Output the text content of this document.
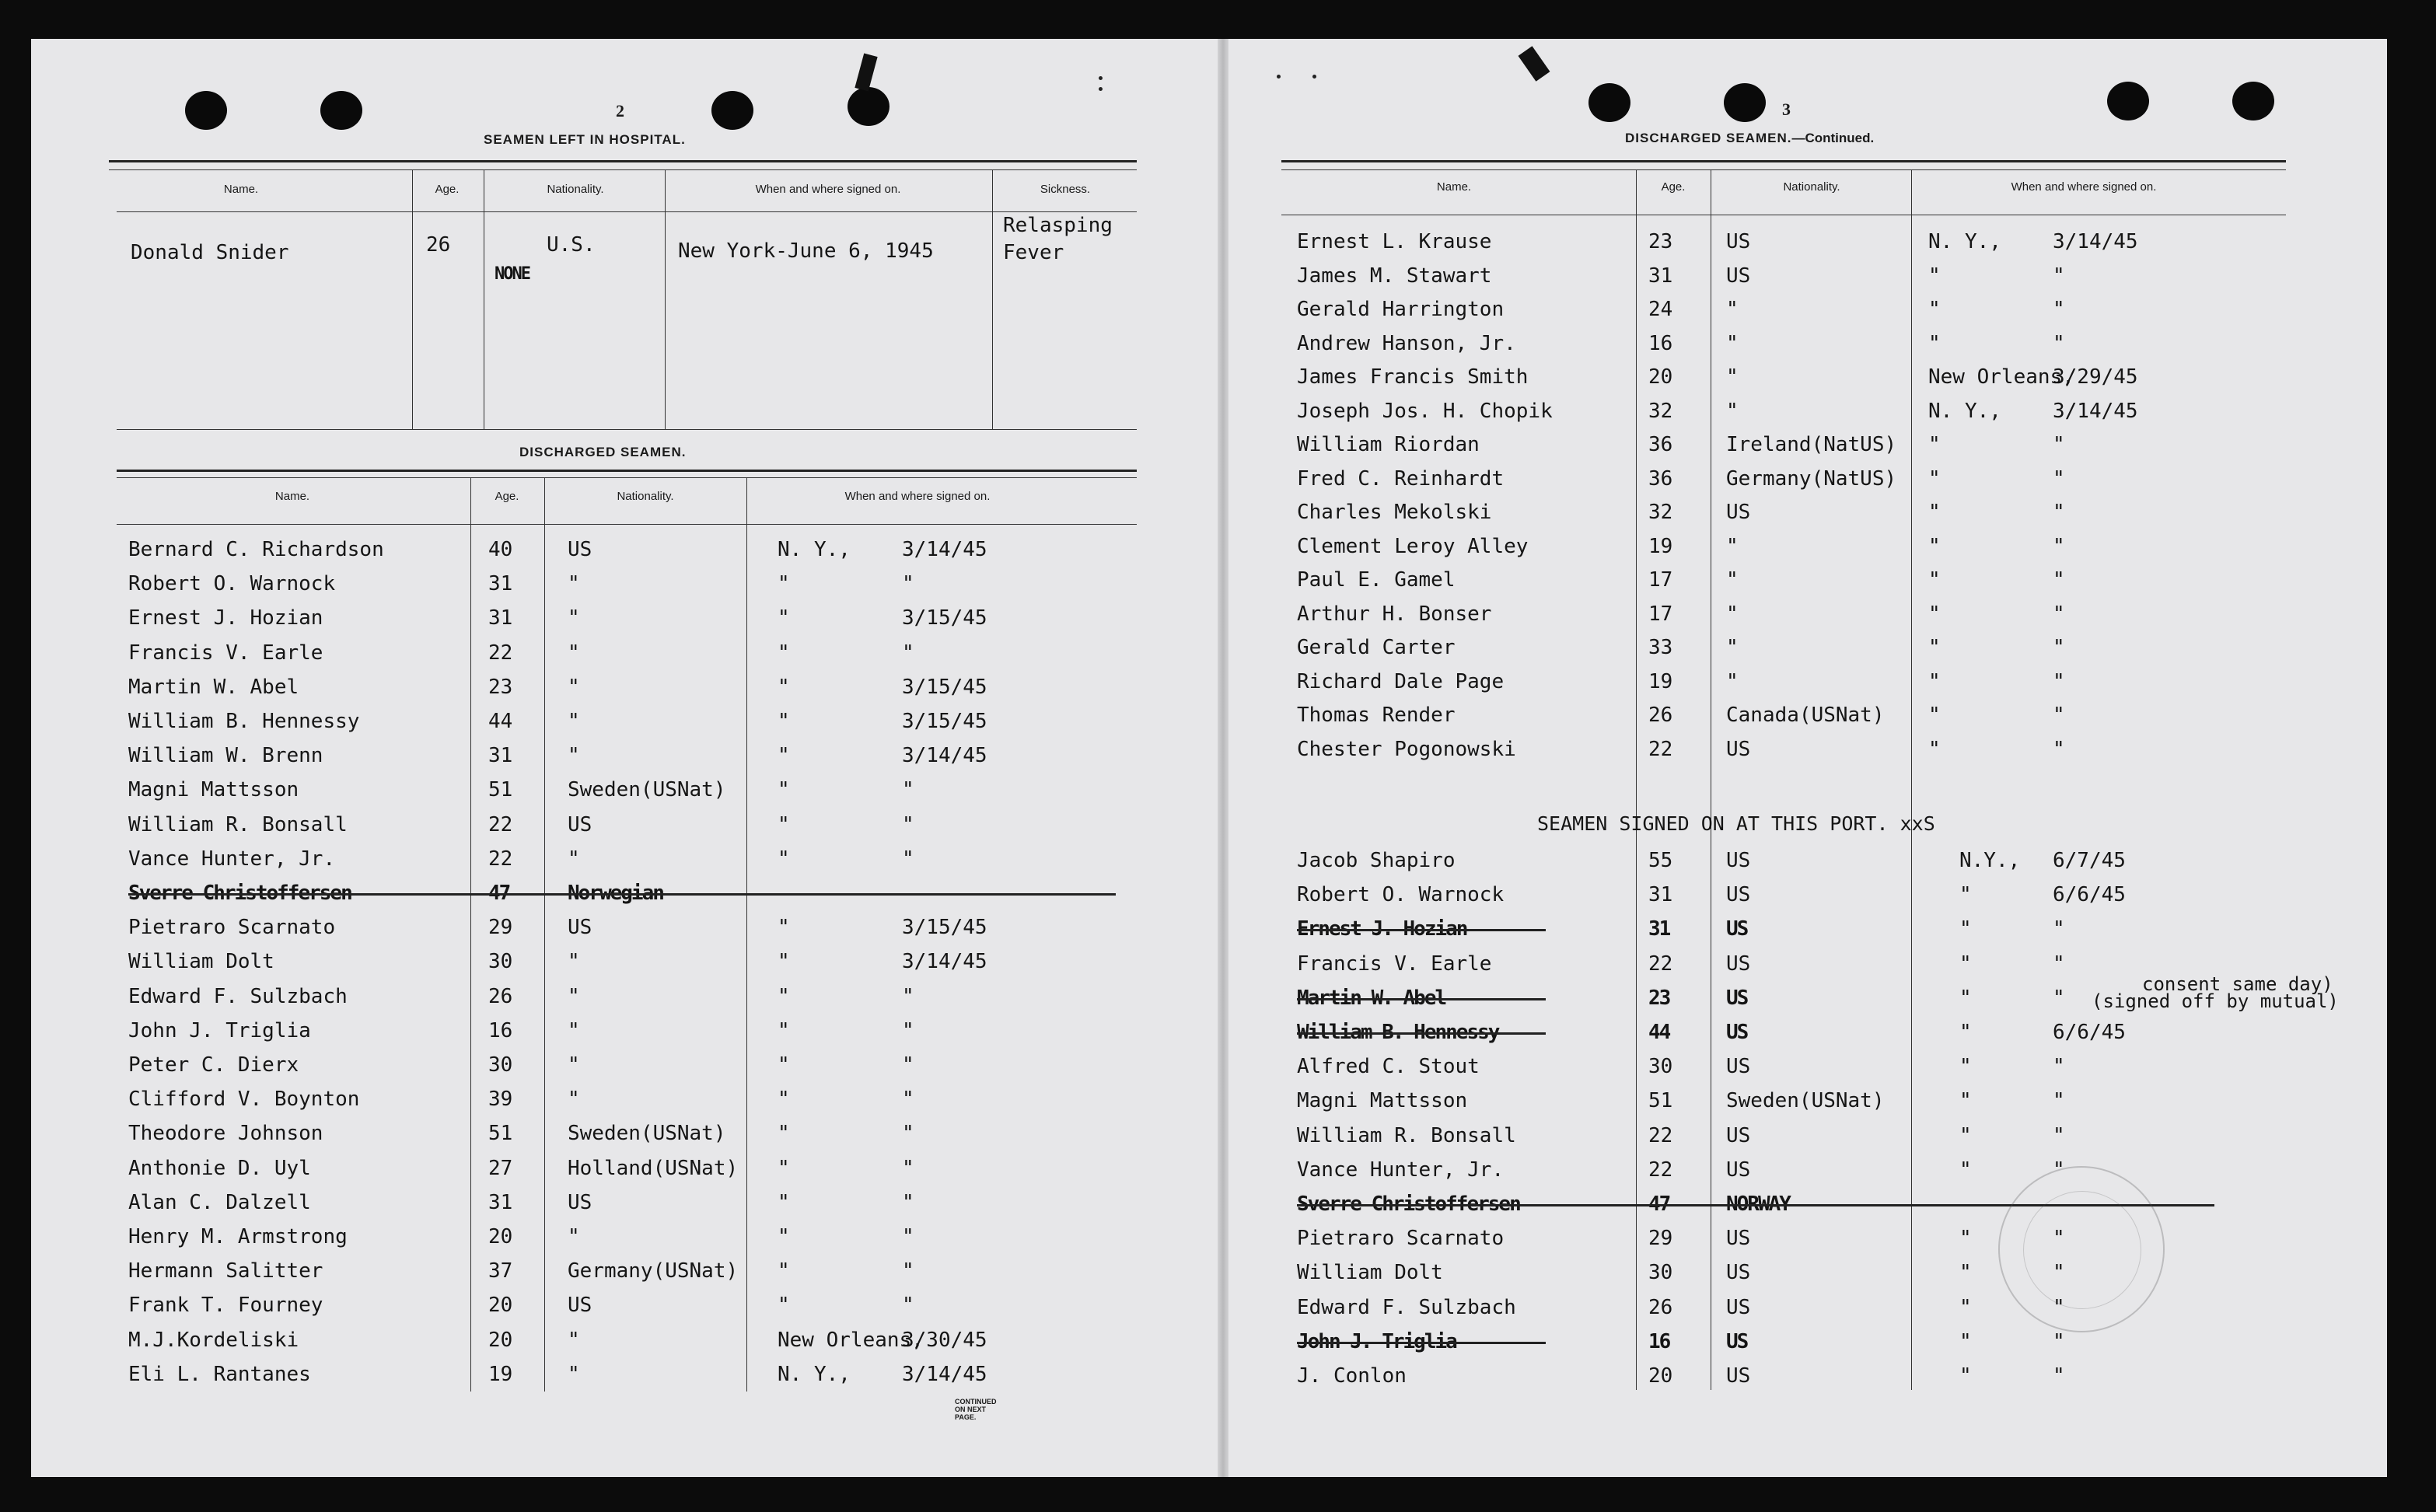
2
SEAMEN LEFT IN HOSPITAL.
Name.	Age.	Nationality.	When and where signed on.	Sickness.
Donald Snider	26	U.S.
NONE
New York-June 6, 1945
Relasping
Fever
DISCHARGED SEAMEN.
Name.	Age.	Nationality.	When and where signed on.
Bernard C. Richardson	40	US	N. Y.,	3/14/45
Robert O. Warnock	31	"	"	"
Ernest J. Hozian	31	"	"	3/15/45
Francis V. Earle	22	"	"	"
Martin W. Abel	23	"	"	3/15/45
William B. Hennessy	44	"	"	3/15/45
William W. Brenn	31	"	"	3/14/45
Magni Mattsson	51	Sweden(USNat)	"	"
William R. Bonsall	22	US	"	"
Vance Hunter, Jr.	22	"	"	"
Sverre Christoffersen	47	Norwegian
Pietraro Scarnato	29	US	"	3/15/45
William Dolt	30	"	"	3/14/45
Edward F. Sulzbach	26	"	"	"
John J. Triglia	16	"	"	"
Peter C. Dierx	30	"	"	"
Clifford V. Boynton	39	"	"	"
Theodore Johnson	51	Sweden(USNat)	"	"
Anthonie D. Uyl	27	Holland(USNat) "	"
Alan C. Dalzell	31	US	"	"
Henry M. Armstrong	20	"	"	"
Hermann Salitter	37	Germany(USNat) "	"
Frank T. Fourney	20	US	"	"
M.J.Kordeliski	20	"	New Orleans,
3/30/45
Eli L. Rantanes	19	"	N. Y.,	3/14/45
CONTINUED ON NEXT PAGE.
3
DISCHARGED SEAMEN.—Continued.
Name.	Age.	Nationality.	When and where signed on.
Ernest L. Krause	23	US	N. Y.,	3/14/45
James M. Stawart	31	US	"	"
Gerald Harrington	24	"	"	"
Andrew Hanson, Jr.	16	"	"	"
James Francis Smith	20	"	New Orleans,
3/29/45
Joseph Jos. H. Chopik	32	"	N. Y.,	3/14/45
William Riordan	36	Ireland(NatUS) "	"
Fred C. Reinhardt	36	Germany(NatUS) "	"
Charles Mekolski	32	US	"	"
Clement Leroy Alley	19	"	"	"
Paul E. Gamel	17	"	"	"
Arthur H. Bonser	17	"	"	"
Gerald Carter	33	"	"	"
Richard Dale Page	19	"	"	"
Thomas Render	26	Canada(USNat) "	"
Chester Pogonowski	22	US	"	"
SEAMEN SIGNED ON AT THIS PORT. xxS
Jacob Shapiro	55	US	N.Y., 6/7/45
Robert O. Warnock	31	US	"	6/6/45
Ernest J. Hozian	31	US	"	"
Francis V. Earle	22	US	"	"
Martin W. Abel	23	US	"	"
William B. Hennessy	44	US	"	6/6/45
Alfred C. Stout	30	US	"	"
Magni Mattsson	51	Sweden(USNat)	"	"
William R. Bonsall	22	US	"	"
Vance Hunter, Jr.	22	US	"	"
Sverre Christoffersen	47	NORWAY
Pietraro Scarnato	29	US	"	"
William Dolt	30	US	"	"
Edward F. Sulzbach	26	US	"	"
John J. Triglia	16	US	"	"
J. Conlon	20	US	"	"
consent same day)
(signed off by mutual)
